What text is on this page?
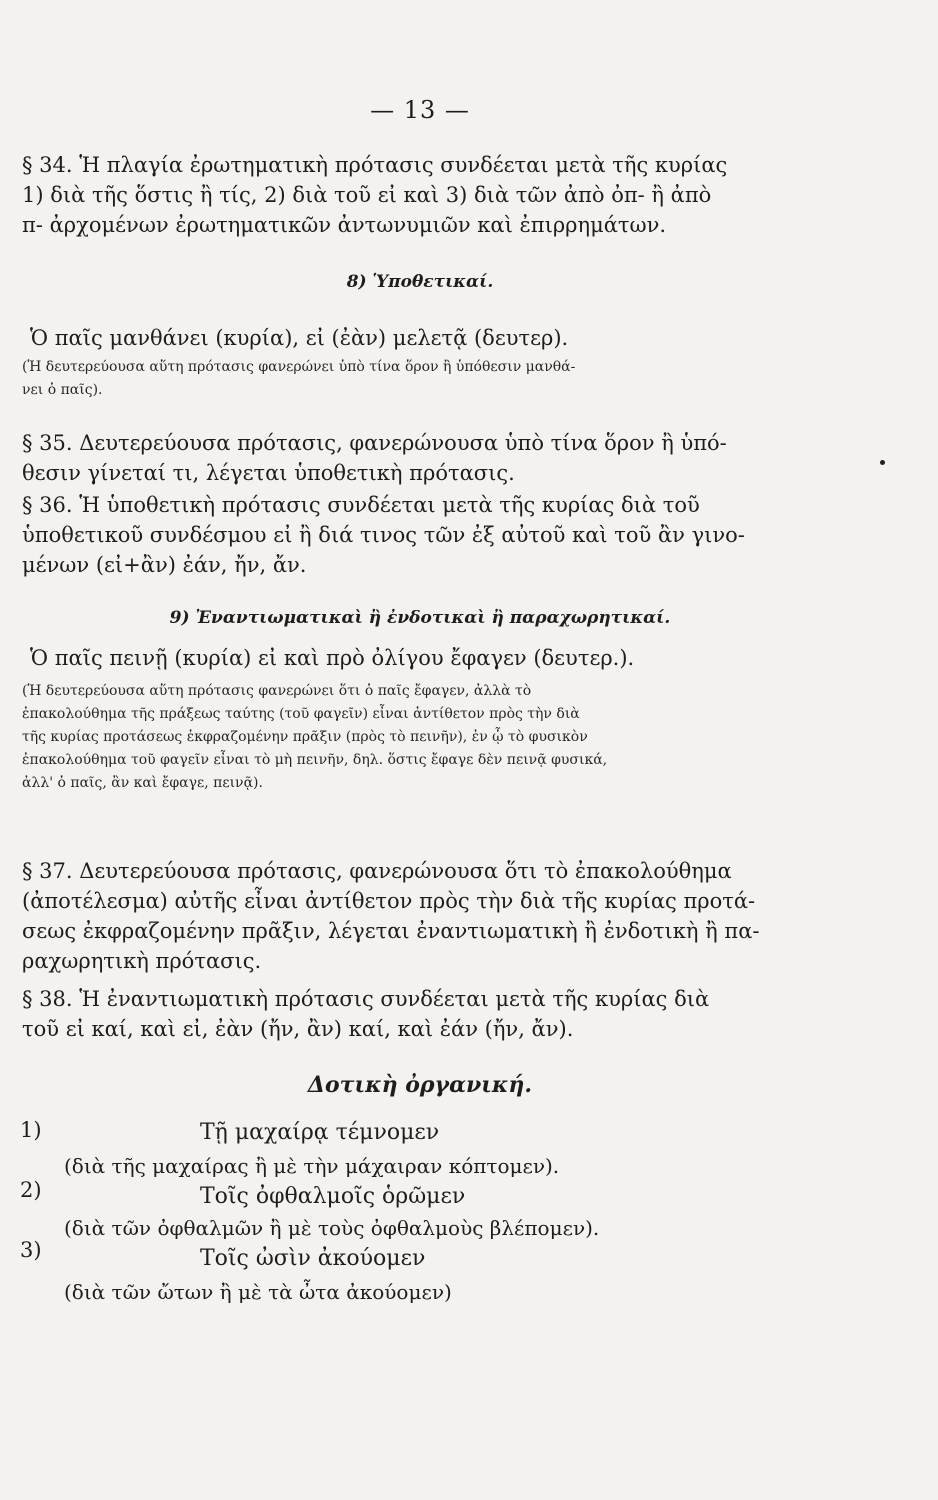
— 13 —

§ 34. Ἡ πλαγία ἐρωτηματικὴ πρότασις συνδέεται μετὰ τῆς κυρίας

1) διὰ τῆς ὅστις ἢ τίς, 2) διὰ τοῦ εἰ καὶ 3) διὰ τῶν ἀπὸ ὀπ- ἢ ἀπὸ

π- ἀρχομένων ἐρωτηματικῶν ἀντωνυμιῶν καὶ ἐπιρρημάτων.

8) Ὑποθετικαί.
Ὁ παῖς μανθάνει (κυρία), εἰ (ἐὰν) μελετᾷ (δευτερ).

(Ἡ δευτερεύουσα αὕτη πρότασις φανερώνει ὑπὸ τίνα ὅρον ἢ ὑπόθεσιν μανθά-

νει ὁ παῖς).

§ 35. Δευτερεύουσα πρότασις, φανερώνουσα ὑπὸ τίνα ὅρον ἢ ὑπό-

θεσιν γίνεταί τι, λέγεται ὑποθετικὴ πρότασις.

§ 36. Ἡ ὑποθετικὴ πρότασις συνδέεται μετὰ τῆς κυρίας διὰ τοῦ

ὑποθετικοῦ συνδέσμου εἰ ἢ διά τινος τῶν ἐξ αὐτοῦ καὶ τοῦ ἂν γινο-

μένων (εἰ+ἂν) ἐάν, ἤν, ἄν.

9) Ἐναντιωματικαὶ ἢ ἐνδοτικαὶ ἢ παραχωρητικαί.
Ὁ παῖς πεινῇ (κυρία) εἰ καὶ πρὸ ὀλίγου ἔφαγεν (δευτερ.).

(Ἡ δευτερεύουσα αὕτη πρότασις φανερώνει ὅτι ὁ παῖς ἔφαγεν, ἀλλὰ τὸ

ἐπακολούθημα τῆς πράξεως ταύτης (τοῦ φαγεῖν) εἶναι ἀντίθετον πρὸς τὴν διὰ

τῆς κυρίας προτάσεως ἐκφραζομένην πρᾶξιν (πρὸς τὸ πεινῆν), ἐν ᾧ τὸ φυσικὸν

ἐπακολούθημα τοῦ φαγεῖν εἶναι τὸ μὴ πεινῆν, δηλ. ὅστις ἔφαγε δὲν πεινᾷ φυσικά,

ἀλλ' ὁ παῖς, ἂν καὶ ἔφαγε, πεινᾷ).

§ 37. Δευτερεύουσα πρότασις, φανερώνουσα ὅτι τὸ ἐπακολούθημα

(ἀποτέλεσμα) αὐτῆς εἶναι ἀντίθετον πρὸς τὴν διὰ τῆς κυρίας προτά-

σεως ἐκφραζομένην πρᾶξιν, λέγεται ἐναντιωματικὴ ἢ ἐνδοτικὴ ἢ πα-

ραχωρητικὴ πρότασις.

§ 38. Ἡ ἐναντιωματικὴ πρότασις συνδέεται μετὰ τῆς κυρίας διὰ

τοῦ εἰ καί, καὶ εἰ, ἐὰν (ἤν, ἂν) καί, καὶ ἐάν (ἤν, ἄν).

Δοτικὴ ὀργανική.
1)	Τῇ μαχαίρᾳ τέμνομεν
(διὰ τῆς μαχαίρας ἢ μὲ τὴν μάχαιραν κόπτομεν).
2)	Τοῖς ὀφθαλμοῖς ὁρῶμεν
(διὰ τῶν ὀφθαλμῶν ἢ μὲ τοὺς ὀφθαλμοὺς βλέπομεν).
3)	Τοῖς ὠσὶν ἀκούομεν
(διὰ τῶν ὤτων ἢ μὲ τὰ ὦτα ἀκούομεν)
